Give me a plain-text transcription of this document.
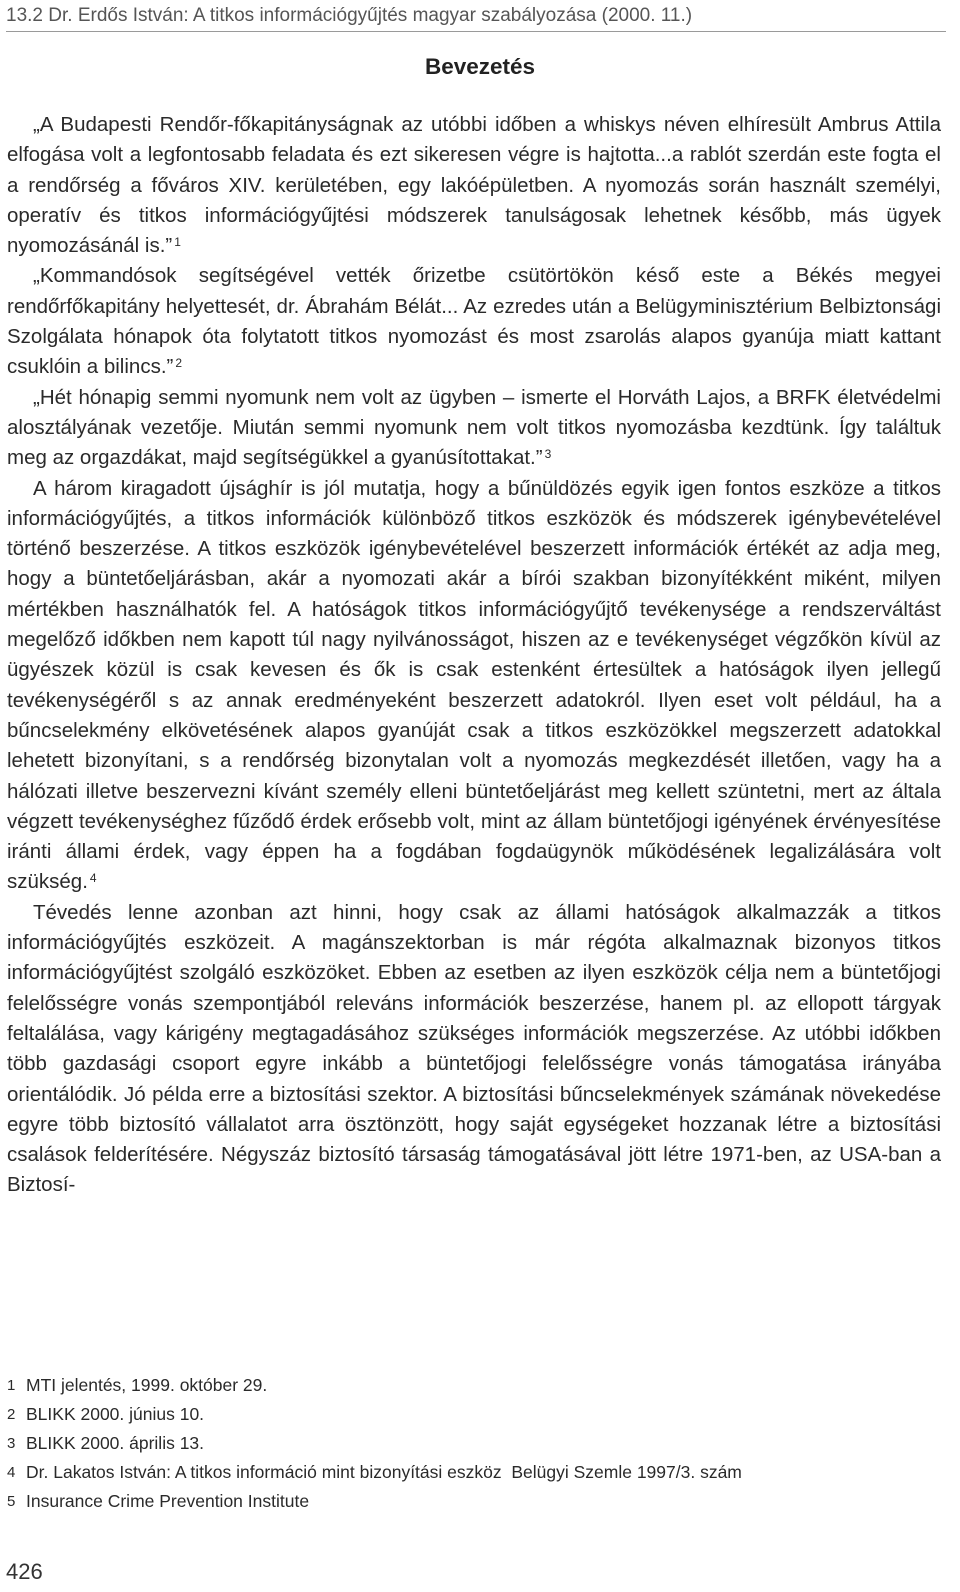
13.2 Dr. Erdős István: A titkos információgyűjtés magyar szabályozása (2000. 11.)
Bevezetés

„A Budapesti Rendőr-főkapitányságnak az utóbbi időben a whiskys néven elhíresült Ambrus Attila elfogása volt a legfontosabb feladata és ezt sikeresen végre is hajtotta...a rablót szerdán este fogta el a rendőrség a főváros XIV. kerületében, egy lakóépületben. A nyomozás során használt személyi, operatív és titkos információgyűjtési módszerek tanulságosak lehetnek később, más ügyek nyomozásánál is.” $^1$

„Kommandósok segítségével vették őrizetbe csütörtökön késő este a Békés megyei rendőrfőkapitány helyettesét, dr. Ábrahám Bélát... Az ezredes után a Belügyminisztérium Belbiztonsági Szolgálata hónapok óta folytatott titkos nyomozást és most zsarolás alapos gyanúja miatt kattant csuklóin a bilincs.” $^2$

„Hét hónapig semmi nyomunk nem volt az ügyben – ismerte el Horváth Lajos, a BRFK életvédelmi alosztályának vezetője. Miután semmi nyomunk nem volt titkos nyomozásba kezdtünk. Így találtuk meg az orgazdákat, majd segítségükkel a gyanúsítottakat.” $^3$

A három kiragadott újsághír is jól mutatja, hogy a bűnüldözés egyik igen fontos eszköze a titkos információgyűjtés, a titkos információk különböző titkos eszközök és módszerek igénybevételével történő beszerzése. A titkos eszközök igénybevételével beszerzett információk értékét az adja meg, hogy a büntetőeljárásban, akár a nyomozati akár a bírói szakban bizonyítékként miként, milyen mértékben használhatók fel. A hatóságok titkos információgyűjtő tevékenysége a rendszerváltást megelőző időkben nem kapott túl nagy nyilvánosságot, hiszen az e tevékenységet végzőkön kívül az ügyészek közül is csak kevesen és ők is csak estenként értesültek a hatóságok ilyen jellegű tevékenységéről s az annak eredményeként beszerzett adatokról. Ilyen eset volt például, ha a bűncselekmény elkövetésének alapos gyanúját csak a titkos eszközökkel megszerzett adatokkal lehetett bizonyítani, s a rendőrség bizonytalan volt a nyomozás megkezdését illetően, vagy ha a hálózati illetve beszervezni kívánt személy elleni büntetőeljárást meg kellett szüntetni, mert az általa végzett tevékenységhez fűződő érdek erősebb volt, mint az állam büntetőjogi igényének érvényesítése iránti állami érdek, vagy éppen ha a fogdában fogdaügynök működésének legalizálására volt szükség. $^4$

Tévedés lenne azonban azt hinni, hogy csak az állami hatóságok alkalmazzák a titkos információgyűjtés eszközeit. A magánszektorban is már régóta alkalmaznak bizonyos titkos információgyűjtést szolgáló eszközöket. Ebben az esetben az ilyen eszközök célja nem a büntetőjogi felelősségre vonás szempontjából releváns információk beszerzése, hanem pl. az ellopott tárgyak feltalálása, vagy kárigény megtagadásához szükséges információk megszerzése. Az utóbbi időkben több gazdasági csoport egyre inkább a büntetőjogi felelősségre vonás támogatása irányába orientálódik. Jó példa erre a biztosítási szektor. A biztosítási bűncselekmények számának növekedése egyre több biztosító vállalatot arra ösztönzött, hogy saját egységeket hozzanak létre a biztosítási csalások felderítésére. Négyszáz biztosító társaság támogatásával jött létre 1971-ben, az USA-ban a Biztosí-

1 MTI jelentés, 1999. október 29.
2 BLIKK 2000. június 10.
3 BLIKK 2000. április 13.
4 Dr. Lakatos István: A titkos információ mint bizonyítási eszköz  Belügyi Szemle 1997/3. szám
5 Insurance Crime Prevention Institute
426
